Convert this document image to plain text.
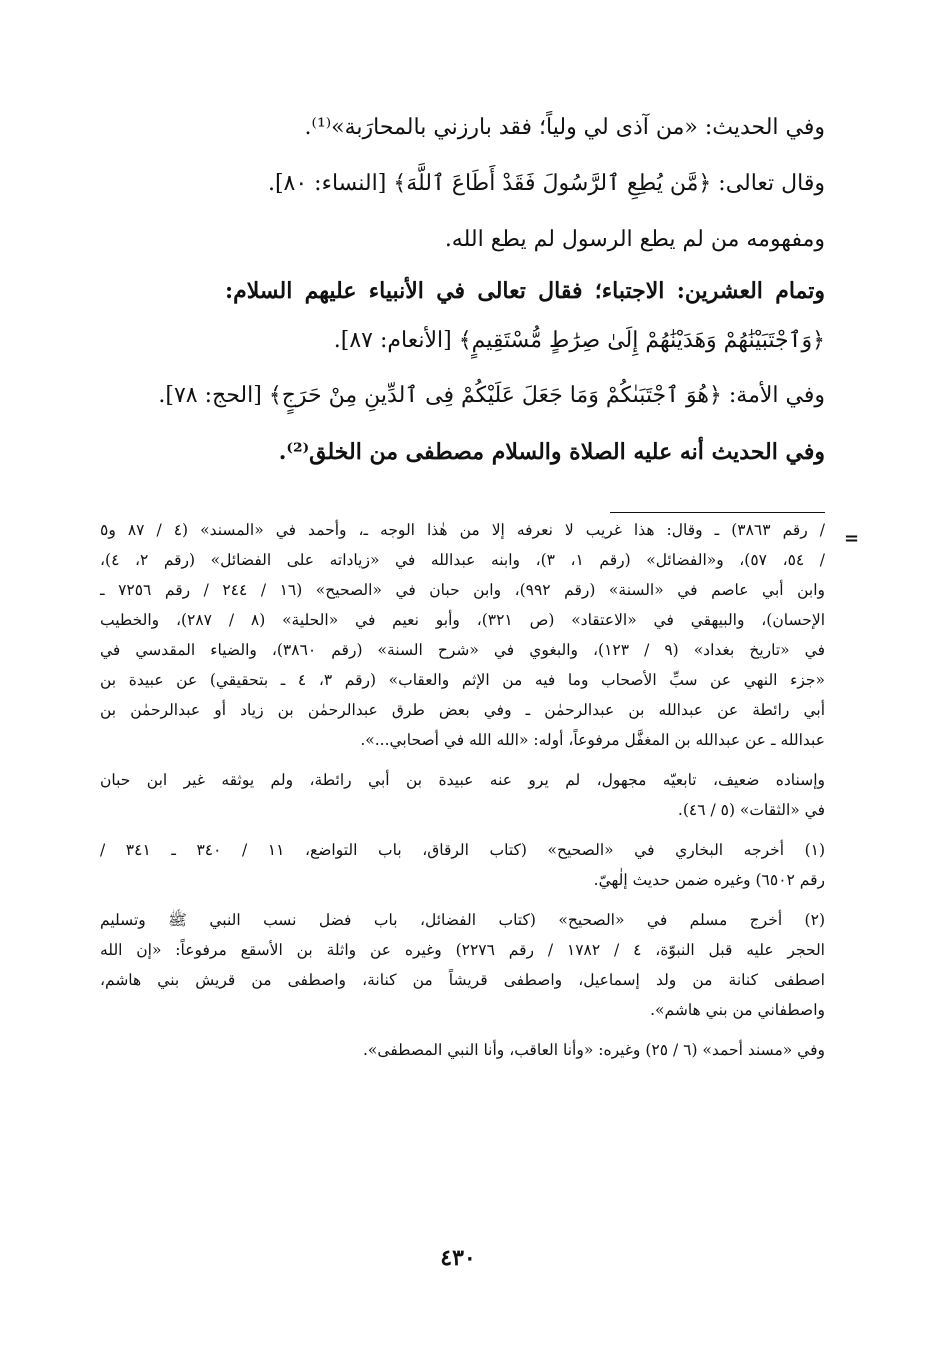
وفي الحديث: «من آذى لي ولياً؛ فقد بارزني بالمحارَبة»⁽¹⁾.
وقال تعالى: ﴿مَّن يُطِعِ ٱلرَّسُولَ فَقَدْ أَطَاعَ ٱللَّهَ﴾ [النساء: ٨٠].
ومفهومه من لم يطع الرسول لم يطع الله.
وتمام العشرين: الاجتباء؛ فقال تعالى في الأنبياء عليهم السلام:
﴿وَٱجْتَبَيْنَٰهُمْ وَهَدَيْنَٰهُمْ إِلَىٰ صِرَٰطٍ مُّسْتَقِيمٍ﴾ [الأنعام: ٨٧].
وفي الأمة: ﴿هُوَ ٱجْتَبَىٰكُمْ وَمَا جَعَلَ عَلَيْكُمْ فِى ٱلدِّينِ مِنْ حَرَجٍ﴾ [الحج: ٧٨].
وفي الحديث أنه عليه الصلاة والسلام مصطفى من الخلق⁽²⁾.
=
/ رقم ٣٨٦٣) ـ وقال: هذا غريب لا نعرفه إلا من هٰذا الوجه ـ، وأحمد في «المسند» (٤ / ٨٧ و٥
/ ٥٤، ٥٧)، و«الفضائل» (رقم ١، ٣)، وابنه عبدالله في «زياداته على الفضائل» (رقم ٢، ٤)،
وابن أبي عاصم في «السنة» (رقم ٩٩٢)، وابن حبان في «الصحيح» (١٦ / ٢٤٤ / رقم ٧٢٥٦ ـ
الإحسان)، والبيهقي في «الاعتقاد» (ص ٣٢١)، وأبو نعيم في «الحلية» (٨ / ٢٨٧)، والخطيب
في «تاريخ بغداد» (٩ / ١٢٣)، والبغوي في «شرح السنة» (رقم ٣٨٦٠)، والضياء المقدسي في
«جزء النهي عن سبِّ الأصحاب وما فيه من الإثم والعقاب» (رقم ٣، ٤ ـ بتحقيقي) عن عبيدة بن
أبي رائطة عن عبدالله بن عبدالرحمٰن ـ وفي بعض طرق عبدالرحمٰن بن زياد أو عبدالرحمٰن بن
عبدالله ـ عن عبدالله بن المغفَّل مرفوعاً، أوله: «الله الله في أصحابي...».
وإسناده ضعيف، تابعيّه مجهول، لم يرو عنه عبيدة بن أبي رائطة، ولم يوثقه غير ابن حبان
في «الثقات» (٥ / ٤٦).
(١) أخرجه البخاري في «الصحيح» (كتاب الرقاق، باب التواضع، ١١ / ٣٤٠ ـ ٣٤١ /
رقم ٦٥٠٢) وغيره ضمن حديث إلٰهيّ.
(٢) أخرج مسلم في «الصحيح» (كتاب الفضائل، باب فضل نسب النبي ﷺ وتسليم
الحجر عليه قبل النبوّة، ٤ / ١٧٨٢ / رقم ٢٢٧٦) وغيره عن واثلة بن الأسقع مرفوعاً: «إن الله
اصطفى كنانة من ولد إسماعيل، واصطفى قريشاً من كنانة، واصطفى من قريش بني هاشم،
واصطفاني من بني هاشم».
وفي «مسند أحمد» (٦ / ٢٥) وغيره: «وأنا العاقب، وأنا النبي المصطفى».
٤٣٠
